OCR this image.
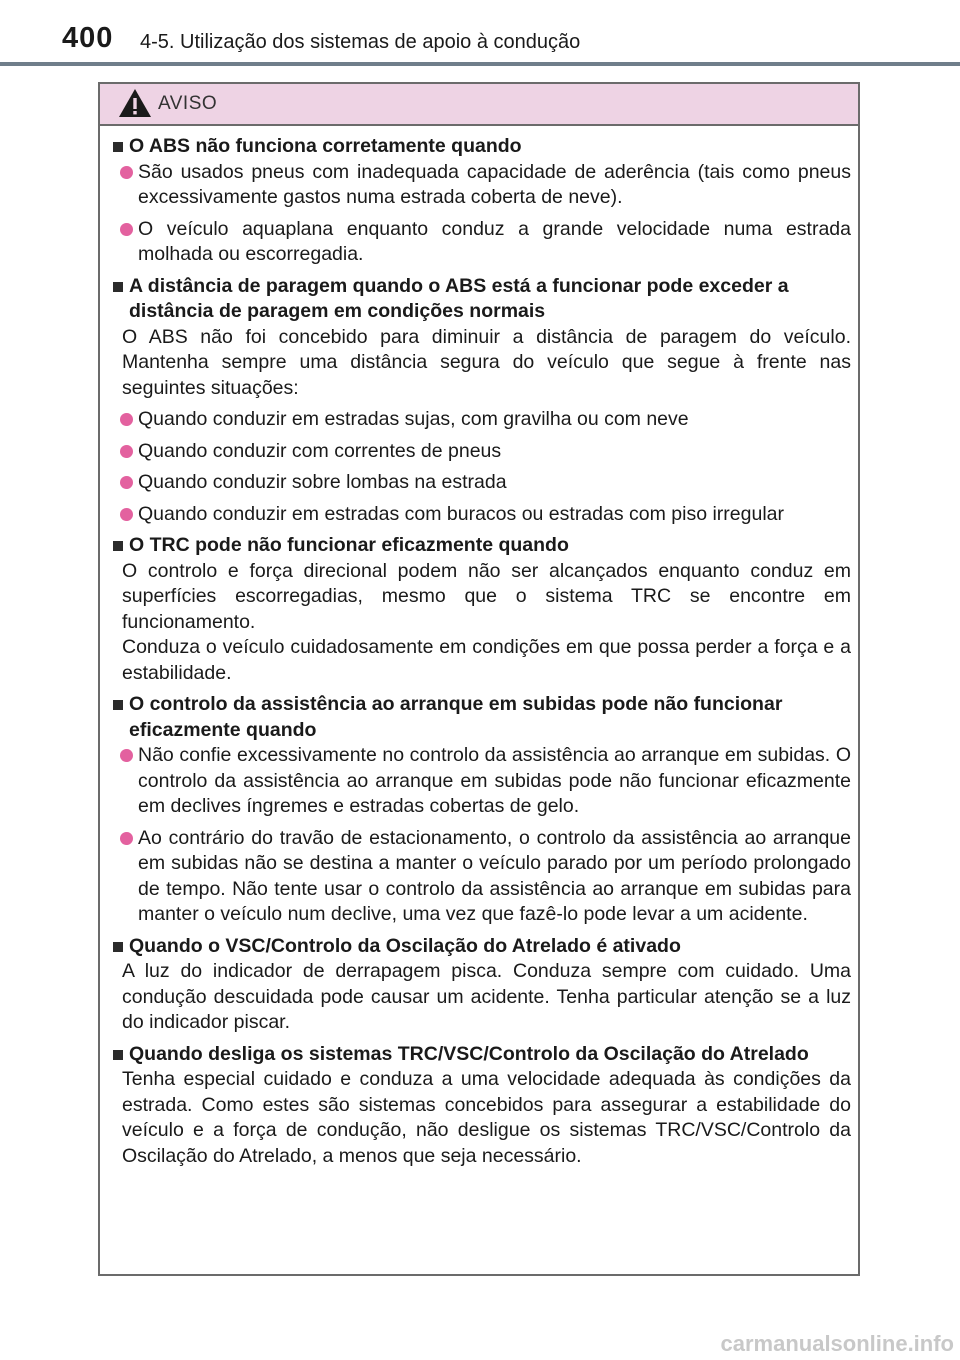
400 4-5. Utilização dos sistemas de apoio à condução
AVISO
O ABS não funciona corretamente quando
São usados pneus com inadequada capacidade de aderência (tais como pneus excessivamente gastos numa estrada coberta de neve).
O veículo aquaplana enquanto conduz a grande velocidade numa estrada molhada ou escorregadia.
A distância de paragem quando o ABS está a funcionar pode exceder a distância de paragem em condições normais
O ABS não foi concebido para diminuir a distância de paragem do veículo. Mantenha sempre uma distância segura do veículo que segue à frente nas seguintes situações:
Quando conduzir em estradas sujas, com gravilha ou com neve
Quando conduzir com correntes de pneus
Quando conduzir sobre lombas na estrada
Quando conduzir em estradas com buracos ou estradas com piso irregular
O TRC pode não funcionar eficazmente quando
O controlo e força direcional podem não ser alcançados enquanto conduz em superfícies escorregadias, mesmo que o sistema TRC se encontre em funcionamento.
Conduza o veículo cuidadosamente em condições em que possa perder a força e a estabilidade.
O controlo da assistência ao arranque em subidas pode não funcionar eficazmente quando
Não confie excessivamente no controlo da assistência ao arranque em subidas. O controlo da assistência ao arranque em subidas pode não funcionar eficazmente em declives íngremes e estradas cobertas de gelo.
Ao contrário do travão de estacionamento, o controlo da assistência ao arranque em subidas não se destina a manter o veículo parado por um período prolongado de tempo. Não tente usar o controlo da assistência ao arranque em subidas para manter o veículo num declive, uma vez que fazê-lo pode levar a um acidente.
Quando o VSC/Controlo da Oscilação do Atrelado é ativado
A luz do indicador de derrapagem pisca. Conduza sempre com cuidado. Uma condução descuidada pode causar um acidente. Tenha particular atenção se a luz do indicador piscar.
Quando desliga os sistemas TRC/VSC/Controlo da Oscilação do Atrelado
Tenha especial cuidado e conduza a uma velocidade adequada às condições da estrada. Como estes são sistemas concebidos para assegurar a estabilidade do veículo e a força de condução, não desligue os sistemas TRC/VSC/Controlo da Oscilação do Atrelado, a menos que seja necessário.
carmanualsonline.info
